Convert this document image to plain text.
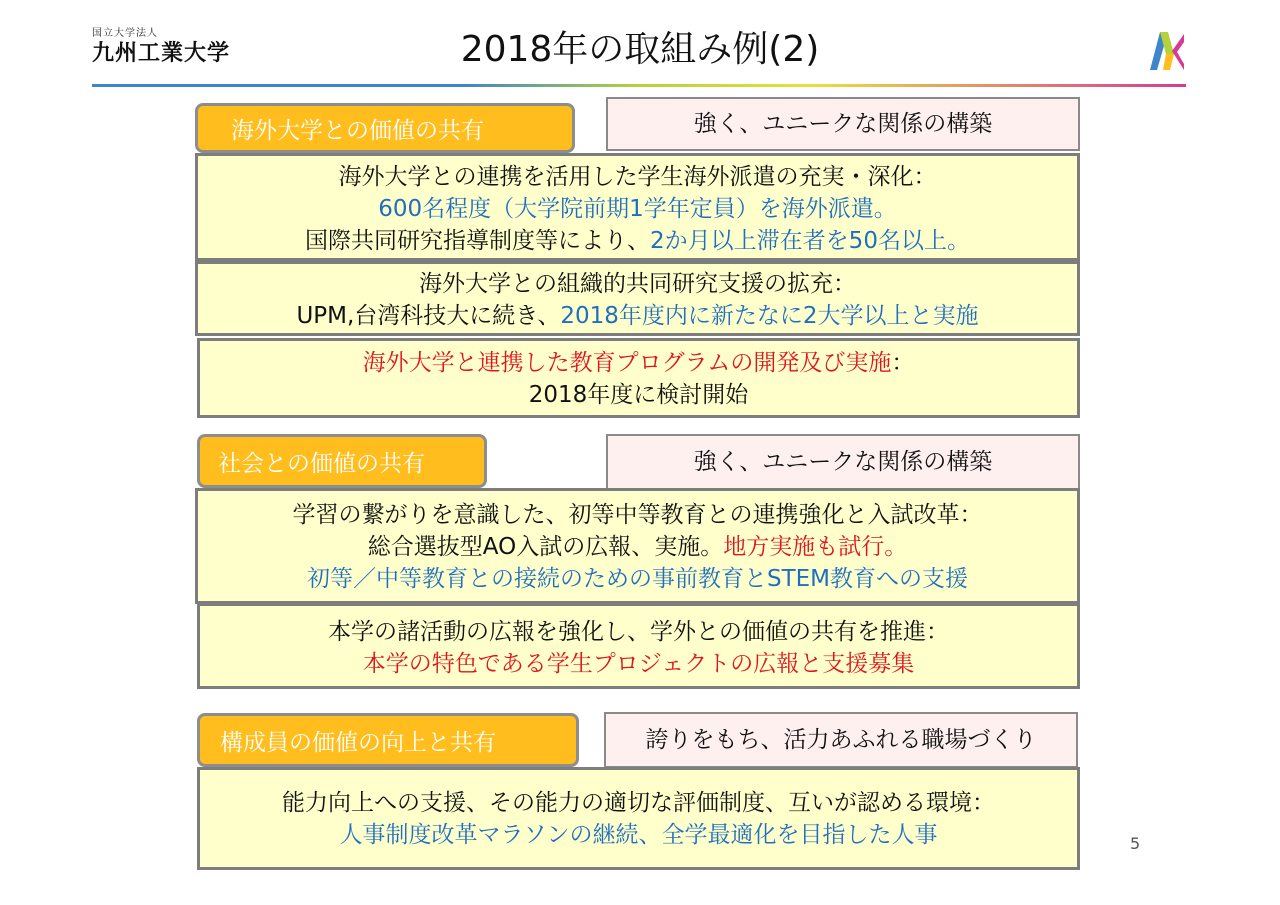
国立大学法人
九州工業大学	2018年の取組み例(2)
海外大学との価値の共有	強く、ユニークな関係の構築
海外大学との連携を活用した学生海外派遣の充実・深化：
600名程度（大学院前期1学年定員）を海外派遣。
国際共同研究指導制度等により、2か月以上滞在者を50名以上。
海外大学との組織的共同研究支援の拡充：
UPM,台湾科技大に続き、2018年度内に新たなに2大学以上と実施
海外大学と連携した教育プログラムの開発及び実施：
2018年度に検討開始
社会との価値の共有	強く、ユニークな関係の構築
学習の繋がりを意識した、初等中等教育との連携強化と入試改革：
総合選抜型AO入試の広報、実施。地方実施も試行。
初等／中等教育との接続のための事前教育とSTEM教育への支援
本学の諸活動の広報を強化し、学外との価値の共有を推進：
本学の特色である学生プロジェクトの広報と支援募集
構成員の価値の向上と共有	誇りをもち、活力あふれる職場づくり
能力向上への支援、その能力の適切な評価制度、互いが認める環境：
人事制度改革マラソンの継続、全学最適化を目指した人事	5
